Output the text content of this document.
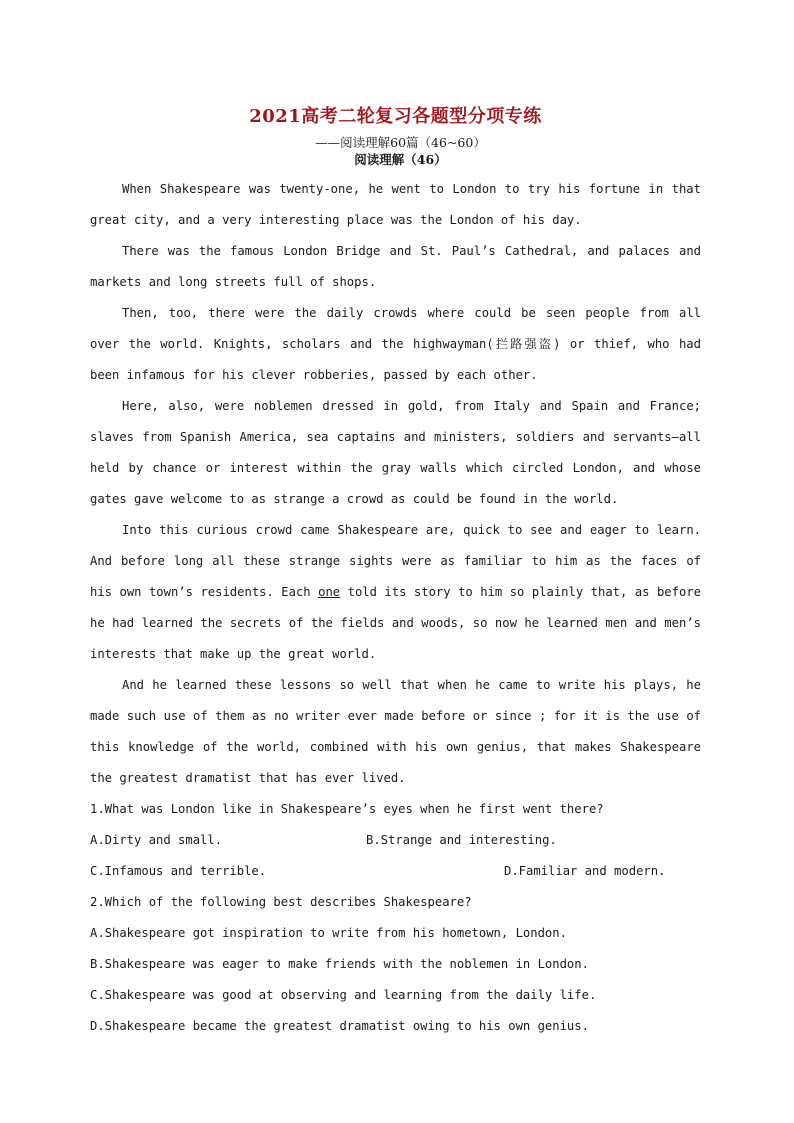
2021高考二轮复习各题型分项专练
——阅读理解60篇（46~60）
阅读理解（46）

When Shakespeare was twenty-one, he went to London to try his fortune in that great city, and a very interesting place was the London of his day.

There was the famous London Bridge and St. Paul’s Cathedral, and palaces and markets and long streets full of shops.

Then, too, there were the daily crowds where could be seen people from all over the world. Knights, scholars and the highwayman(拦路强盗) or thief, who had been infamous for his clever robberies, passed by each other.

Here, also, were noblemen dressed in gold, from Italy and Spain and France; slaves from Spanish America, sea captains and ministers, soldiers and servants—all held by chance or interest within the gray walls which circled London, and whose gates gave welcome to as strange a crowd as could be found in the world.

Into this curious crowd came Shakespeare are, quick to see and eager to learn. And before long all these strange sights were as familiar to him as the faces of his own town’s residents. Each one told its story to him so plainly that, as before he had learned the secrets of the fields and woods, so now he learned men and men’s interests that make up the great world.

And he learned these lessons so well that when he came to write his plays, he made such use of them as no writer ever made before or since ; for it is the use of this knowledge of the world, combined with his own genius, that makes Shakespeare the greatest dramatist that has ever lived.

1.What was London like in Shakespeare’s eyes when he first went there?
A.Dirty and small.	B.Strange and interesting.
C.Infamous and terrible.	D.Familiar and modern.
2.Which of the following best describes Shakespeare?
A.Shakespeare got inspiration to write from his hometown, London.
B.Shakespeare was eager to make friends with the noblemen in London.
C.Shakespeare was good at observing and learning from the daily life.
D.Shakespeare became the greatest dramatist owing to his own genius.
